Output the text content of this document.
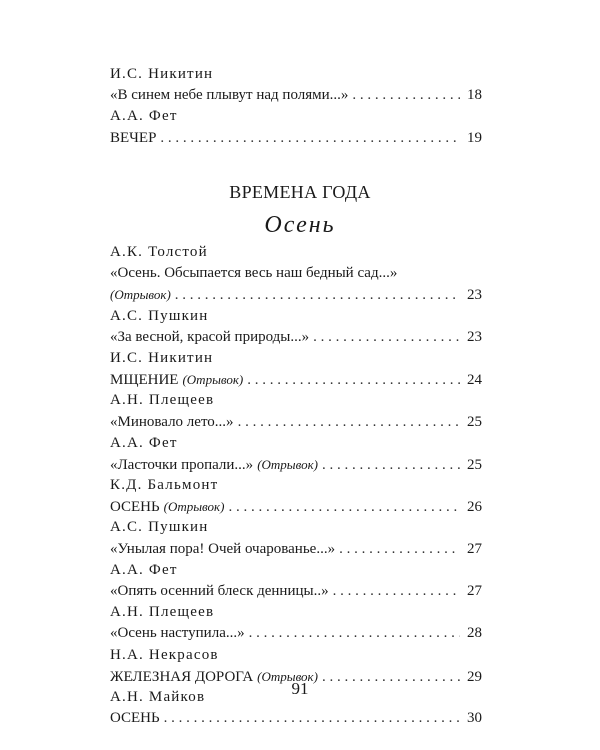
И.С. Никитин
«В синем небе плывут над полями...» . . .	18
А.А. Фет
ВЕЧЕР . . .	19
ВРЕМЕНА ГОДА
Осень
А.К. Толстой
«Осень. Обсыпается весь наш бедный сад...»
(Отрывок) . . .	23
А.С. Пушкин
«За весной, красой природы...» . . .	23
И.С. Никитин
МЩЕНИЕ (Отрывок) . . .	24
А.Н. Плещеев
«Миновало лето...» . . .	25
А.А. Фет
«Ласточки пропали...» (Отрывок) . . .	25
К.Д. Бальмонт
ОСЕНЬ (Отрывок) . . .	26
А.С. Пушкин
«Унылая пора! Очей очарованье...» . . .	27
А.А. Фет
«Опять осенний блеск денницы..» . . .	27
А.Н. Плещеев
«Осень наступила...» . . .	28
Н.А. Некрасов
ЖЕЛЕЗНАЯ ДОРОГА (Отрывок) . . .	29
А.Н. Майков
ОСЕНЬ . . .	30
91
